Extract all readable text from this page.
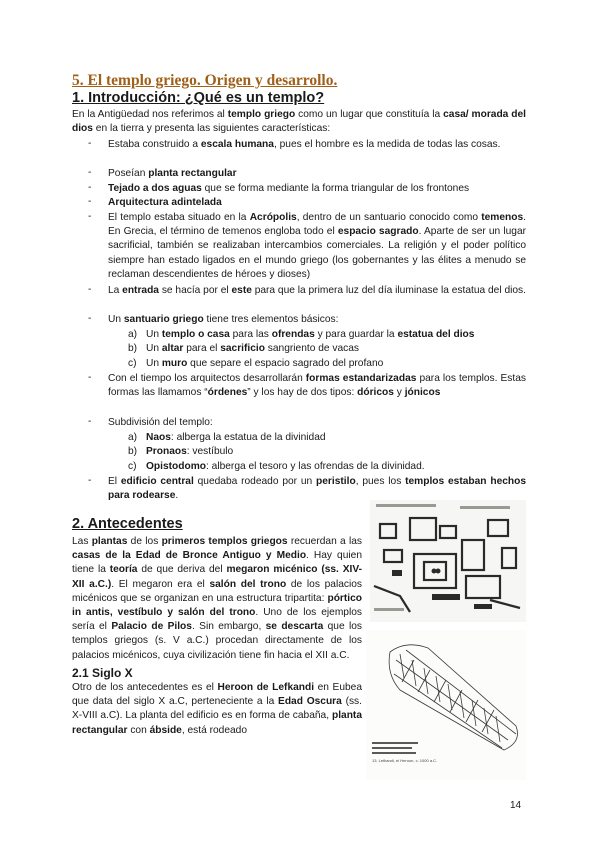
5. El templo griego. Origen y desarrollo.
1. Introducción: ¿Qué es un templo?
En la Antigüedad nos referimos al templo griego como un lugar que constituía la casa/ morada del dios en la tierra y presenta las siguientes características:
-	Estaba construido a escala humana, pues el hombre es la medida de todas las cosas.
-	Poseían planta rectangular
-	Tejado a dos aguas que se forma mediante la forma triangular de los frontones
-	Arquitectura adintelada
-	El templo estaba situado en la Acrópolis, dentro de un santuario conocido como temenos. En Grecia, el término de temenos engloba todo el espacio sagrado. Aparte de ser un lugar sacrificial, también se realizaban intercambios comerciales. La religión y el poder político siempre han estado ligados en el mundo griego (los gobernantes y las élites a menudo se reclaman descendientes de héroes y dioses)
-	La entrada se hacía por el este para que la primera luz del día iluminase la estatua del dios.
-	Un santuario griego tiene tres elementos básicos:
a) Un templo o casa para las ofrendas y para guardar la estatua del dios
b) Un altar para el sacrificio sangriento de vacas
c) Un muro que separe el espacio sagrado del profano
-	Con el tiempo los arquitectos desarrollarán formas estandarizadas para los templos. Estas formas las llamamos “órdenes” y los hay de dos tipos: dóricos y jónicos
-	Subdivisión del templo:
a) Naos: alberga la estatua de la divinidad
b) Pronaos: vestíbulo
c) Opistodomo: alberga el tesoro y las ofrendas de la divinidad.
-	El edificio central quedaba rodeado por un peristilo, pues los templos estaban hechos para rodearse.
2. Antecedentes
Las plantas de los primeros templos griegos recuerdan a las casas de la Edad de Bronce Antiguo y Medio. Hay quien tiene la teoría de que deriva del megaron micénico (ss. XIV-XII a.C.). El megaron era el salón del trono de los palacios micénicos que se organizan en una estructura tripartita: pórtico in antis, vestíbulo y salón del trono. Uno de los ejemplos sería el Palacio de Pilos. Sin embargo, se descarta que los templos griegos (s. V a.C.) procedan directamente de los palacios micénicos, cuya civilización tiene fin hacia el XII a.C.
2.1 Siglo X
Otro de los antecedentes es el Heroon de Lefkandi en Eubea que data del siglo X a.C, perteneciente a la Edad Oscura (ss. X-VIII a.C). La planta del edificio es en forma de cabaña, planta rectangular con ábside, está rodeado
13. Lefkandi, el Heroon, c. 1000 a.C.
14
